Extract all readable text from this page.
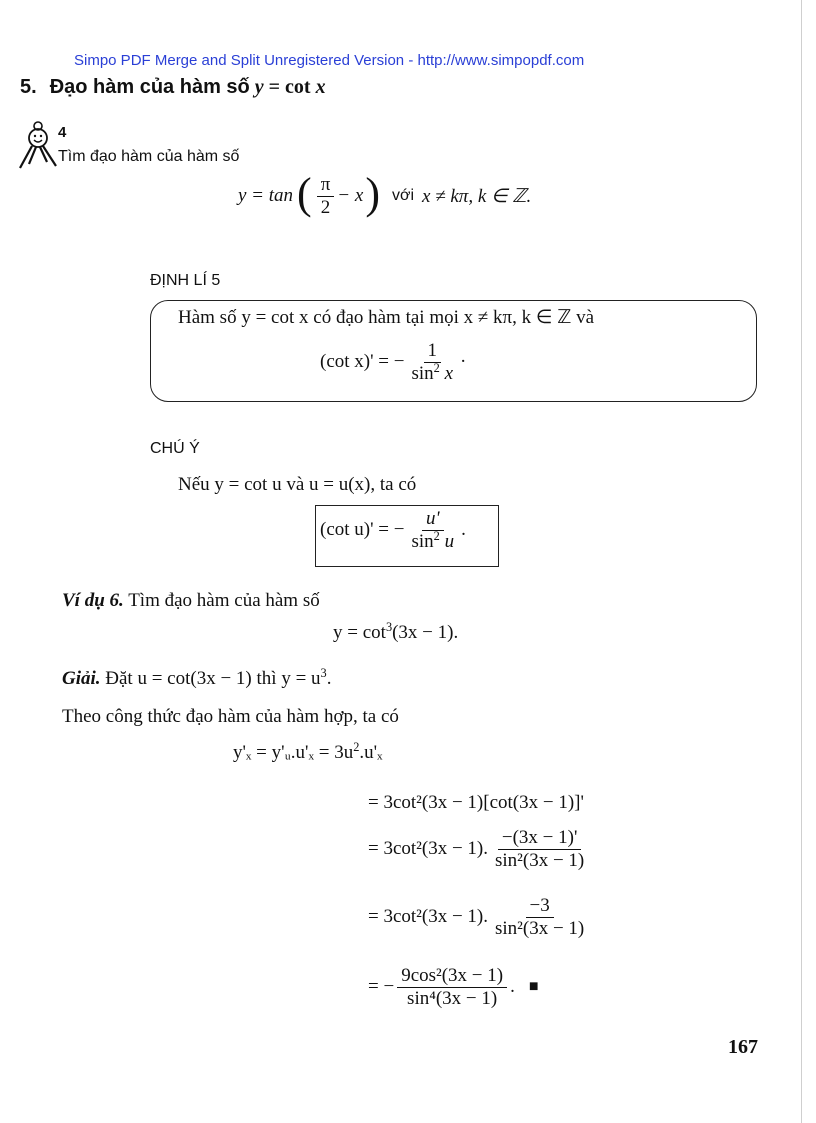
Simpo PDF Merge and Split Unregistered Version - http://www.simpopdf.com
5. Đạo hàm của hàm số y = cot x
4
Tìm đạo hàm của hàm số
y = tan ( $\frac{\pi}{2} - x$ ) với x ≠ kπ, k ∈ ℤ.
ĐỊNH LÍ 5
Hàm số y = cot x có đạo hàm tại mọi x ≠ kπ, k ∈ ℤ và
(cot x)' = − $\frac{1}{\sin^2 x}$ ·
CHÚ Ý
Nếu y = cot u và u = u(x), ta có
(cot u)' = − $\frac{u'}{\sin^2 u}$ .
Ví dụ 6. Tìm đạo hàm của hàm số
$y = \cot^3(3x - 1)$.
Giải. Đặt u = cot(3x − 1) thì $y = u^3$.
Theo công thức đạo hàm của hàm hợp, ta có
y'ₓ = y'ᵤ.u'ₓ = $3u^2.u'_x$
= 3cot²(3x − 1)[cot(3x − 1)]'
= 3cot²(3x − 1). $\frac{-(3x - 1)'}{\text{sin²(3x − 1)}}$
= 3cot²(3x − 1). $\frac{-3}{\text{sin²(3x − 1)}}$
= − $\frac{\text{9cos²(3x − 1)}}{\text{sin⁴(3x − 1)}}$ . ■
167
